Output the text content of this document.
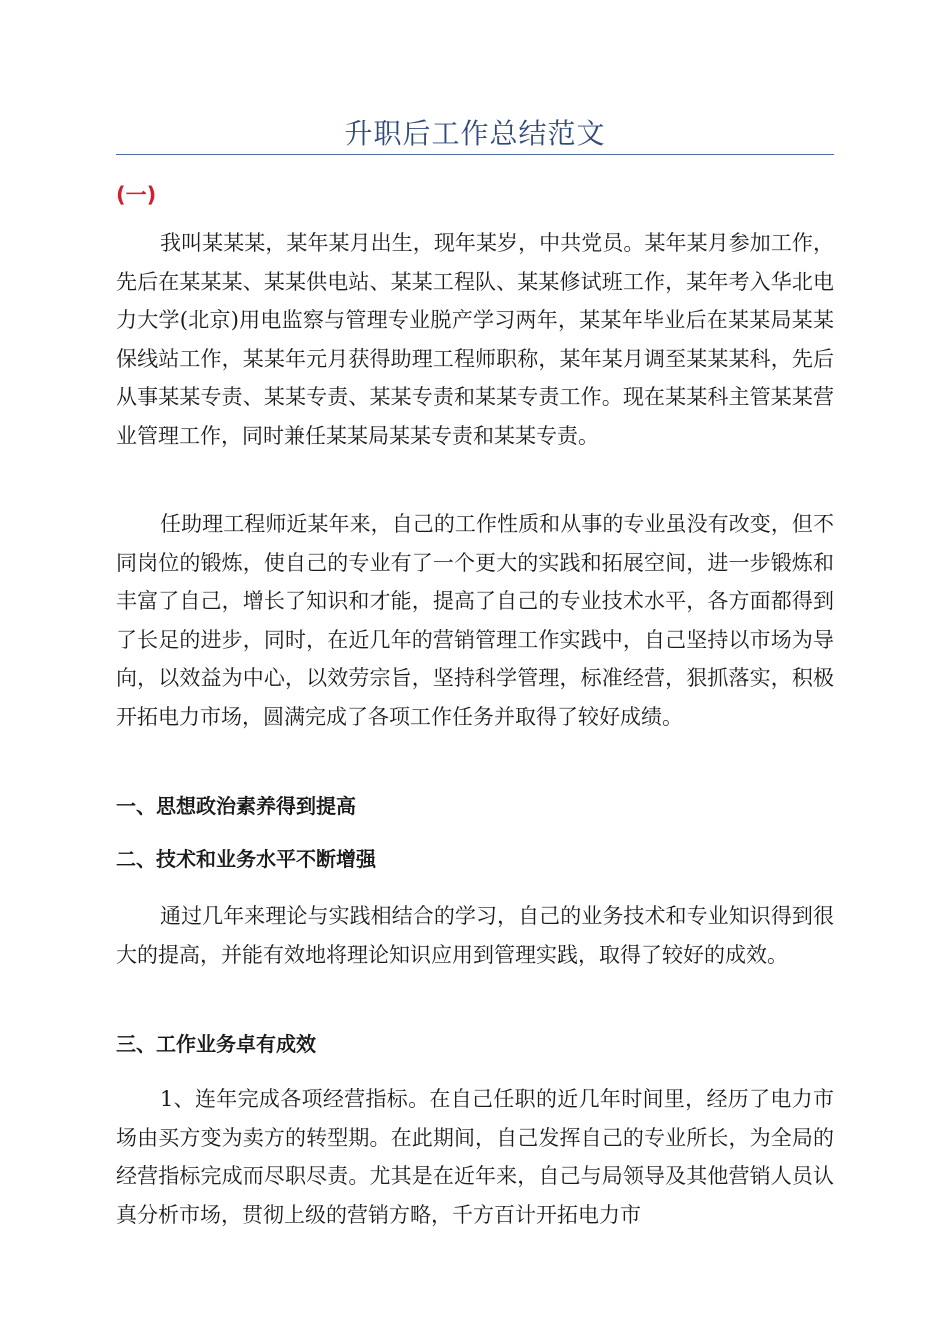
升职后工作总结范文
(一)

我叫某某某，某年某月出生，现年某岁，中共党员。某年某月参加工作，先后在某某某、某某供电站、某某工程队、某某修试班工作，某年考入华北电力大学(北京)用电监察与管理专业脱产学习两年，某某年毕业后在某某局某某保线站工作，某某年元月获得助理工程师职称，某年某月调至某某某科，先后从事某某专责、某某专责、某某专责和某某专责工作。现在某某科主管某某营业管理工作，同时兼任某某局某某专责和某某专责。

任助理工程师近某年来，自己的工作性质和从事的专业虽没有改变，但不同岗位的锻炼，使自己的专业有了一个更大的实践和拓展空间，进一步锻炼和丰富了自己，增长了知识和才能，提高了自己的专业技术水平，各方面都得到了长足的进步，同时，在近几年的营销管理工作实践中，自己坚持以市场为导向，以效益为中心，以效劳宗旨，坚持科学管理，标准经营，狠抓落实，积极开拓电力市场，圆满完成了各项工作任务并取得了较好成绩。

一、思想政治素养得到提高
二、技术和业务水平不断增强

通过几年来理论与实践相结合的学习，自己的业务技术和专业知识得到很大的提高，并能有效地将理论知识应用到管理实践，取得了较好的成效。

三、工作业务卓有成效

1、连年完成各项经营指标。在自己任职的近几年时间里，经历了电力市场由买方变为卖方的转型期。在此期间，自己发挥自己的专业所长，为全局的经营指标完成而尽职尽责。尤其是在近年来，自己与局领导及其他营销人员认真分析市场，贯彻上级的营销方略，千方百计开拓电力市
